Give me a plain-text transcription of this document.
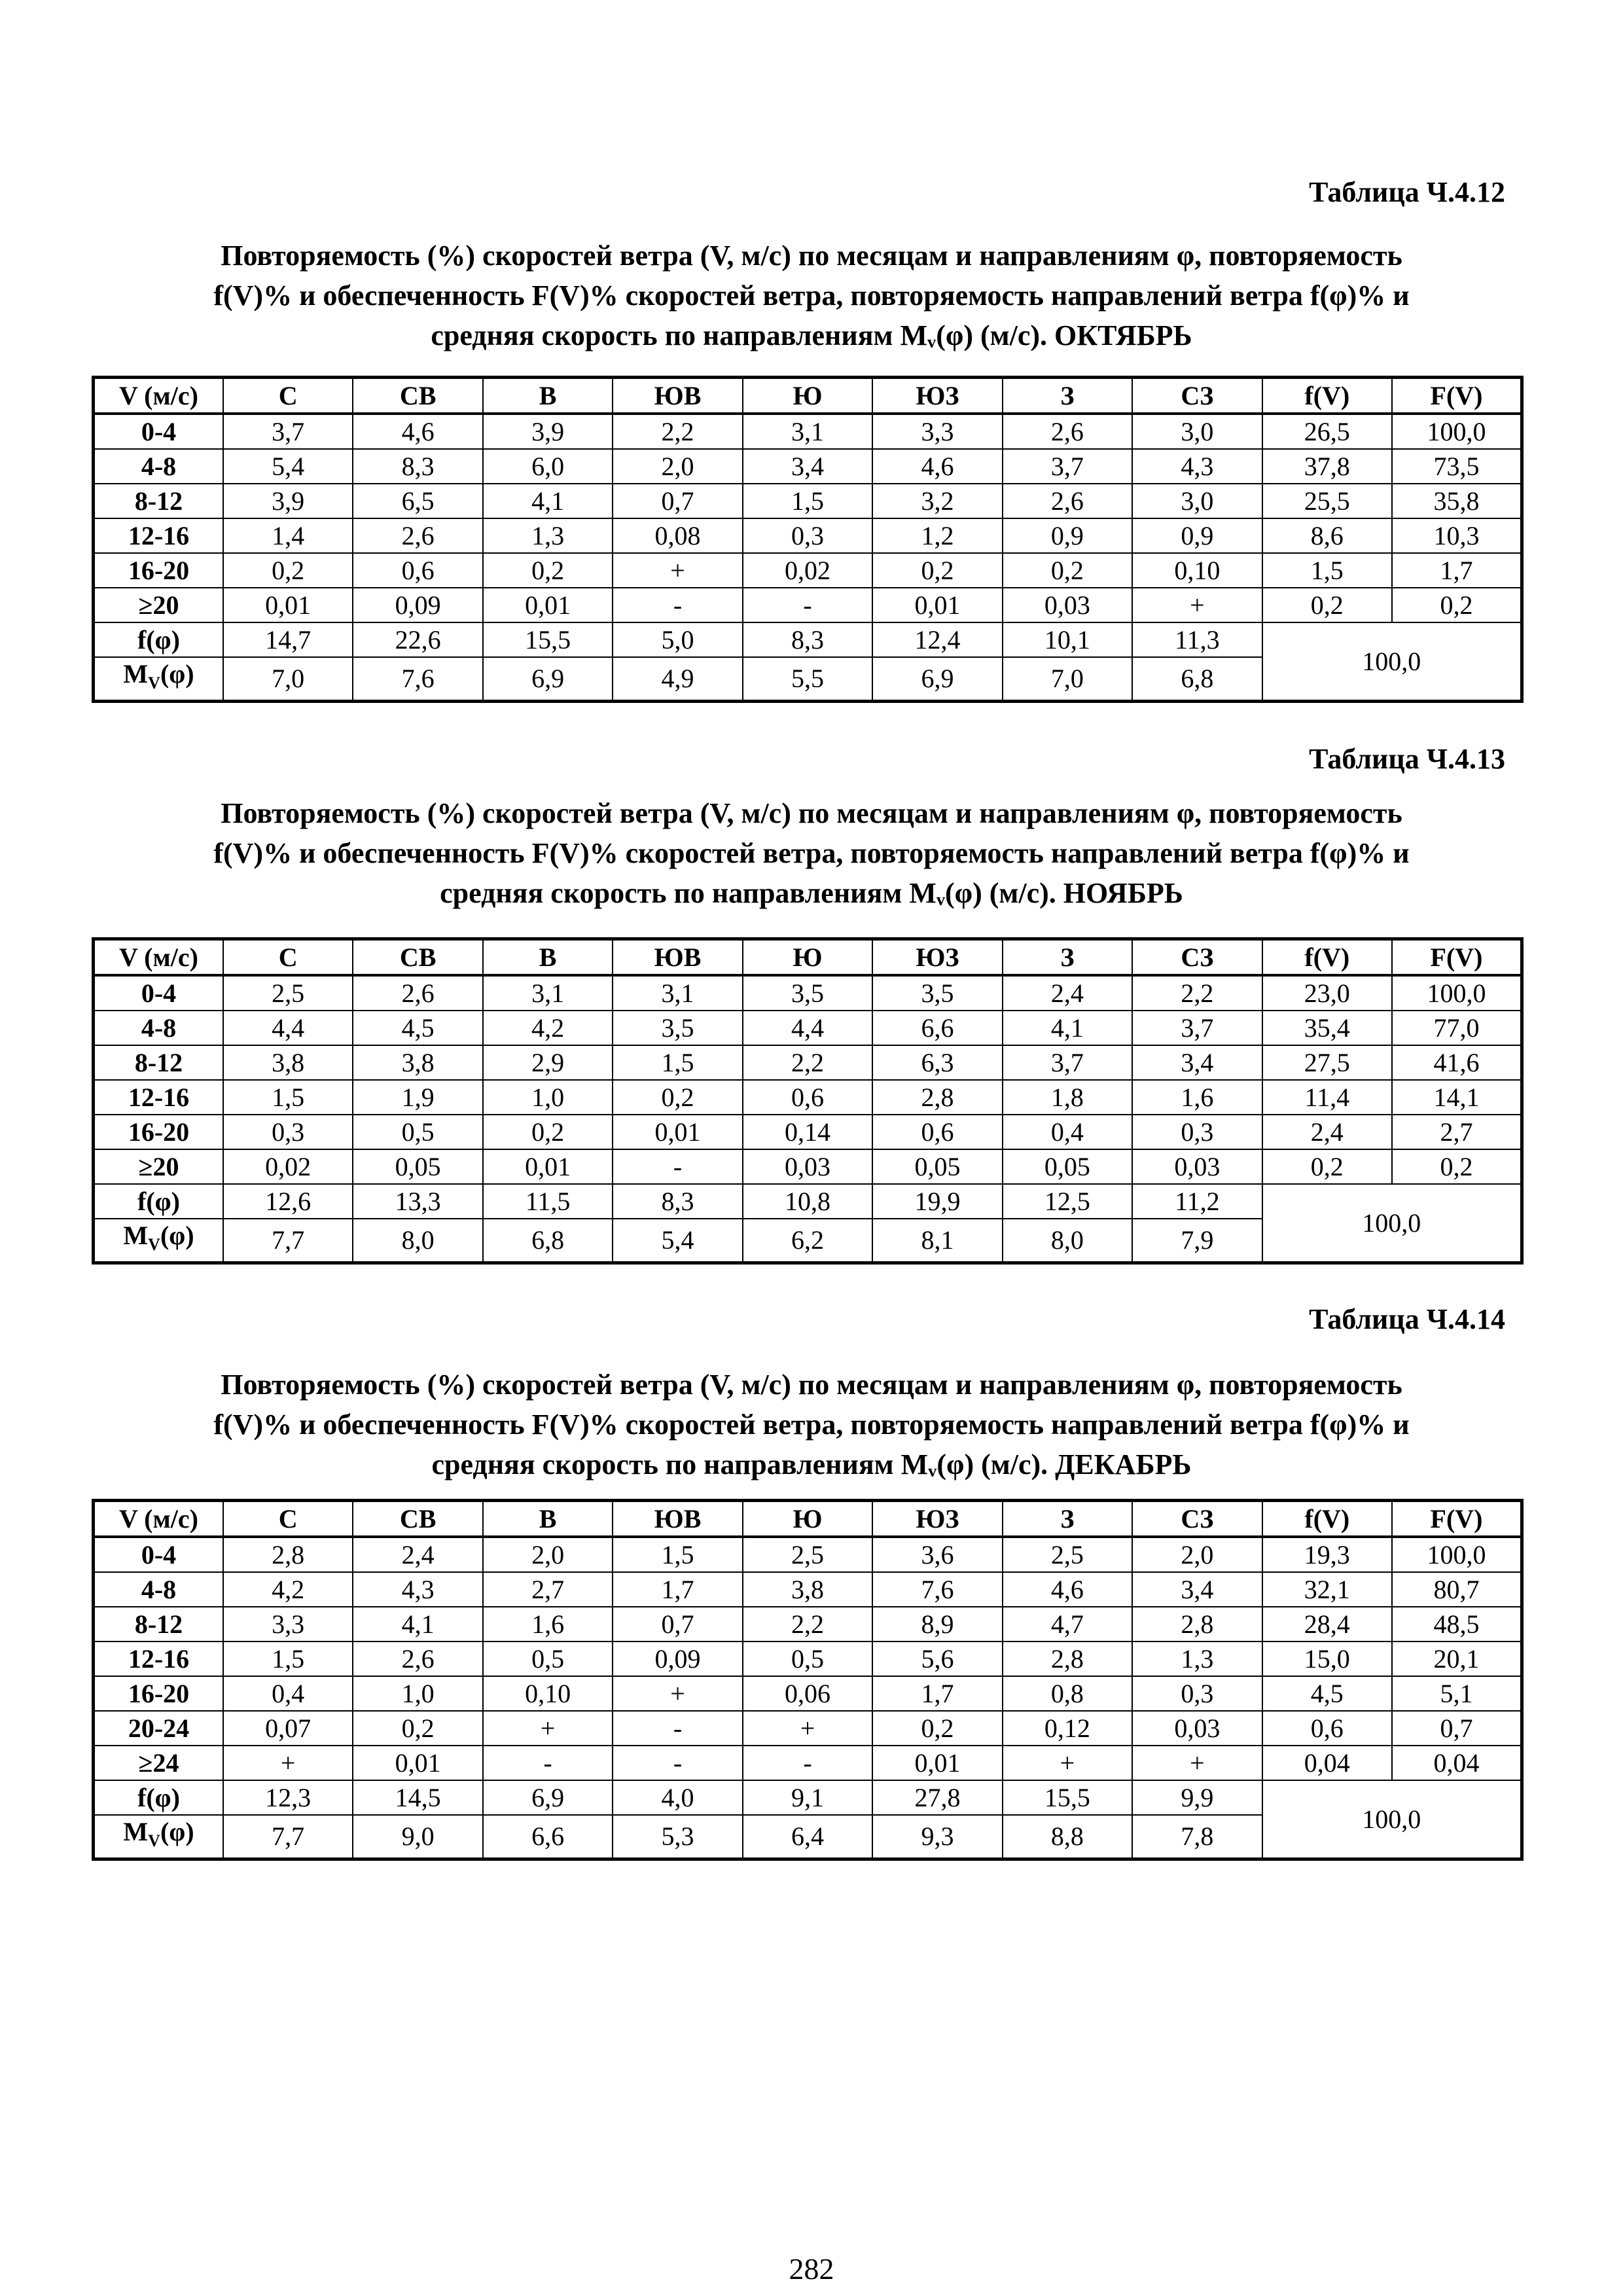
Таблица Ч.4.12
Повторяемость (%) скоростей ветра (V, м/с) по месяцам и направлениям φ, повторяемость
f(V)% и обеспеченность F(V)% скоростей ветра, повторяемость направлений ветра f(φ)% и
средняя скорость по направлениям Mᵥ(φ) (м/с). ОКТЯБРЬ
V (м/с)	С	СВ	В	ЮВ	Ю	ЮЗ	З	СЗ	f(V)	F(V)
0-4	3,7	4,6	3,9	2,2	3,1	3,3	2,6	3,0	26,5	100,0
4-8	5,4	8,3	6,0	2,0	3,4	4,6	3,7	4,3	37,8	73,5
8-12	3,9	6,5	4,1	0,7	1,5	3,2	2,6	3,0	25,5	35,8
12-16	1,4	2,6	1,3	0,08	0,3	1,2	0,9	0,9	8,6	10,3
16-20	0,2	0,6	0,2	+	0,02	0,2	0,2	0,10	1,5	1,7
≥20	0,01	0,09	0,01	-	-	0,01	0,03	+	0,2	0,2
f(φ)	14,7	22,6	15,5	5,0	8,3	12,4	10,1	11,3	100,0	
$M_V(\varphi)$	7,0	7,6	6,9	4,9	5,5	6,9	7,0	6,8		
Таблица Ч.4.13
Повторяемость (%) скоростей ветра (V, м/с) по месяцам и направлениям φ, повторяемость
f(V)% и обеспеченность F(V)% скоростей ветра, повторяемость направлений ветра f(φ)% и
средняя скорость по направлениям Mᵥ(φ) (м/с). НОЯБРЬ
V (м/с)	С	СВ	В	ЮВ	Ю	ЮЗ	З	СЗ	f(V)	F(V)
0-4	2,5	2,6	3,1	3,1	3,5	3,5	2,4	2,2	23,0	100,0
4-8	4,4	4,5	4,2	3,5	4,4	6,6	4,1	3,7	35,4	77,0
8-12	3,8	3,8	2,9	1,5	2,2	6,3	3,7	3,4	27,5	41,6
12-16	1,5	1,9	1,0	0,2	0,6	2,8	1,8	1,6	11,4	14,1
16-20	0,3	0,5	0,2	0,01	0,14	0,6	0,4	0,3	2,4	2,7
≥20	0,02	0,05	0,01	-	0,03	0,05	0,05	0,03	0,2	0,2
f(φ)	12,6	13,3	11,5	8,3	10,8	19,9	12,5	11,2	100,0	
$M_V(\varphi)$	7,7	8,0	6,8	5,4	6,2	8,1	8,0	7,9		
Таблица Ч.4.14
Повторяемость (%) скоростей ветра (V, м/с) по месяцам и направлениям φ, повторяемость
f(V)% и обеспеченность F(V)% скоростей ветра, повторяемость направлений ветра f(φ)% и
средняя скорость по направлениям Mᵥ(φ) (м/с). ДЕКАБРЬ
V (м/с)	С	СВ	В	ЮВ	Ю	ЮЗ	З	СЗ	f(V)	F(V)
0-4	2,8	2,4	2,0	1,5	2,5	3,6	2,5	2,0	19,3	100,0
4-8	4,2	4,3	2,7	1,7	3,8	7,6	4,6	3,4	32,1	80,7
8-12	3,3	4,1	1,6	0,7	2,2	8,9	4,7	2,8	28,4	48,5
12-16	1,5	2,6	0,5	0,09	0,5	5,6	2,8	1,3	15,0	20,1
16-20	0,4	1,0	0,10	+	0,06	1,7	0,8	0,3	4,5	5,1
20-24	0,07	0,2	+	-	+	0,2	0,12	0,03	0,6	0,7
≥24	+	0,01	-	-	-	0,01	+	+	0,04	0,04
f(φ)	12,3	14,5	6,9	4,0	9,1	27,8	15,5	9,9	100,0	
$M_V(\varphi)$	7,7	9,0	6,6	5,3	6,4	9,3	8,8	7,8		
282
